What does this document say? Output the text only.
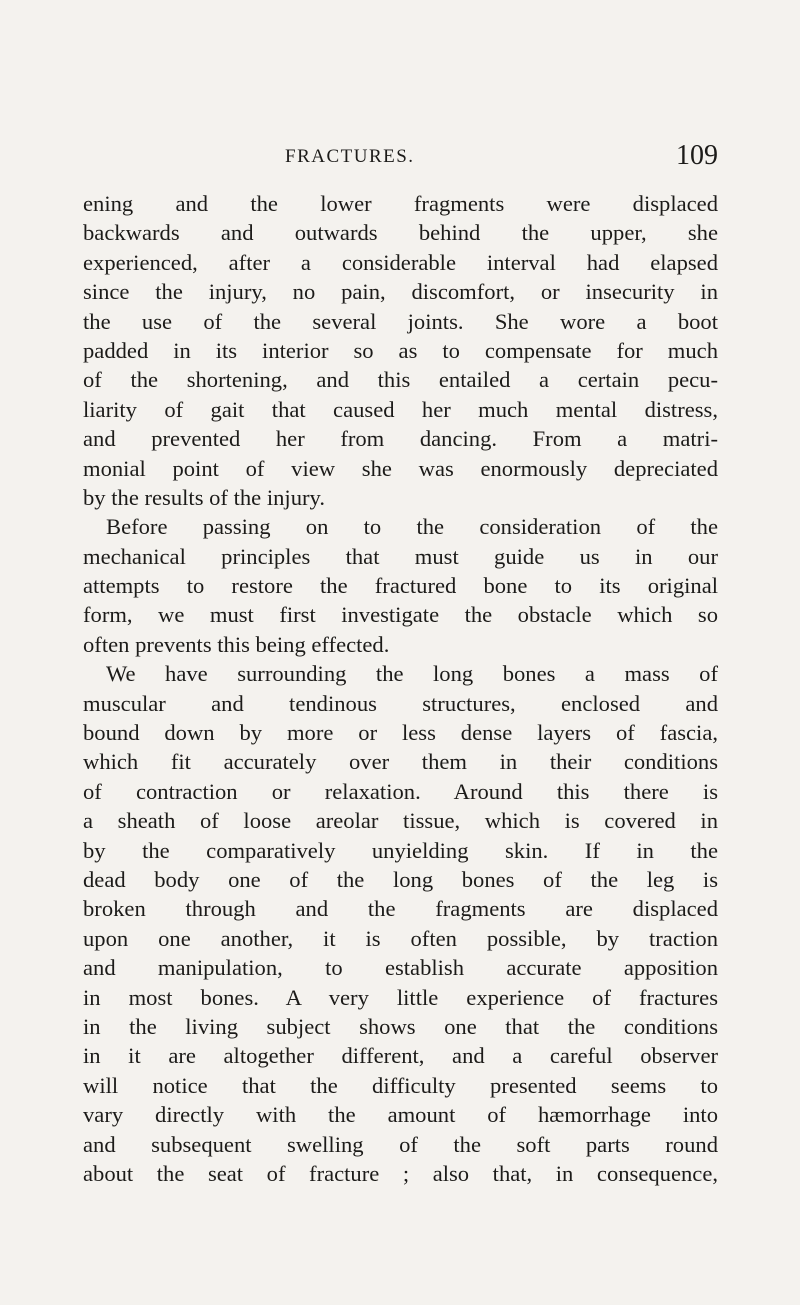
FRACTURES.	109
ening and the lower fragments were displaced
backwards and outwards behind the upper, she
experienced, after a considerable interval had elapsed
since the injury, no pain, discomfort, or insecurity in
the use of the several joints. She wore a boot
padded in its interior so as to compensate for much
of the shortening, and this entailed a certain pecu-
liarity of gait that caused her much mental distress,
and prevented her from dancing. From a matri-
monial point of view she was enormously depreciated
by the results of the injury.
Before passing on to the consideration of the
mechanical principles that must guide us in our
attempts to restore the fractured bone to its original
form, we must first investigate the obstacle which so
often prevents this being effected.
We have surrounding the long bones a mass of
muscular and tendinous structures, enclosed and
bound down by more or less dense layers of fascia,
which fit accurately over them in their conditions
of contraction or relaxation. Around this there is
a sheath of loose areolar tissue, which is covered in
by the comparatively unyielding skin. If in the
dead body one of the long bones of the leg is
broken through and the fragments are displaced
upon one another, it is often possible, by traction
and manipulation, to establish accurate apposition
in most bones. A very little experience of fractures
in the living subject shows one that the conditions
in it are altogether different, and a careful observer
will notice that the difficulty presented seems to
vary directly with the amount of hæmorrhage into
and subsequent swelling of the soft parts round
about the seat of fracture ; also that, in consequence,
